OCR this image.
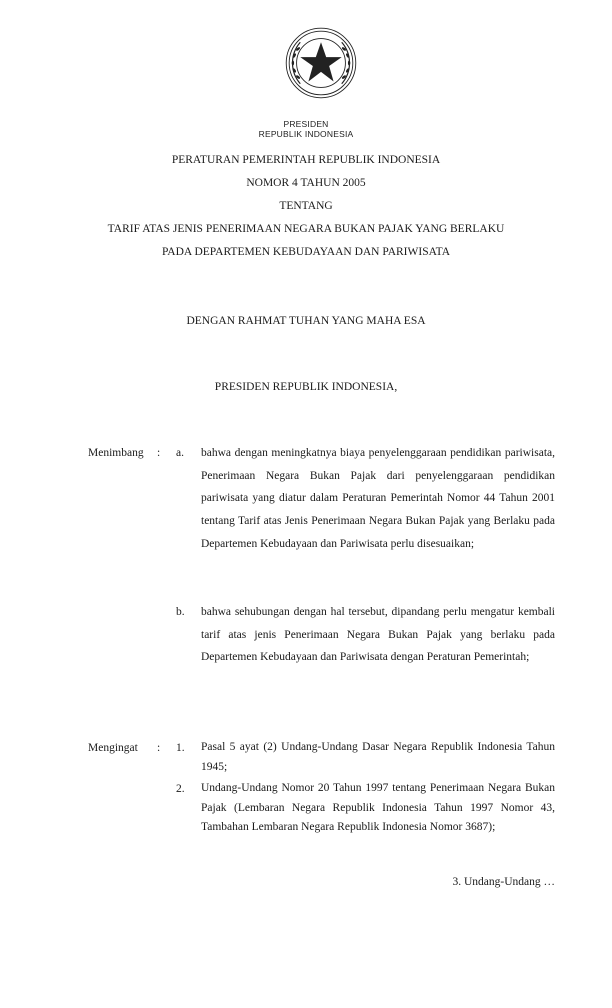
PRESIDEN
REPUBLIK INDONESIA
PERATURAN PEMERINTAH REPUBLIK INDONESIA
NOMOR 4 TAHUN 2005
TENTANG
TARIF ATAS JENIS PENERIMAAN NEGARA BUKAN PAJAK YANG BERLAKU
PADA DEPARTEMEN KEBUDAYAAN DAN PARIWISATA
DENGAN RAHMAT TUHAN YANG MAHA ESA
PRESIDEN REPUBLIK INDONESIA,
Menimbang : a. bahwa dengan meningkatnya biaya penyelenggaraan pendidikan pariwisata, Penerimaan Negara Bukan Pajak dari penyelenggaraan pendidikan pariwisata yang diatur dalam Peraturan Pemerintah Nomor 44 Tahun 2001 tentang Tarif atas Jenis Penerimaan Negara Bukan Pajak yang Berlaku pada Departemen Kebudayaan dan Pariwisata perlu disesuaikan;
b. bahwa sehubungan dengan hal tersebut, dipandang perlu mengatur kembali tarif atas jenis Penerimaan Negara Bukan Pajak yang berlaku pada Departemen Kebudayaan dan Pariwisata dengan Peraturan Pemerintah;
Mengingat : 1. Pasal 5 ayat (2) Undang-Undang Dasar Negara Republik Indonesia Tahun 1945;
2. Undang-Undang Nomor 20 Tahun 1997 tentang Penerimaan Negara Bukan Pajak (Lembaran Negara Republik Indonesia Tahun 1997 Nomor 43, Tambahan Lembaran Negara Republik Indonesia Nomor 3687);
3. Undang-Undang …
